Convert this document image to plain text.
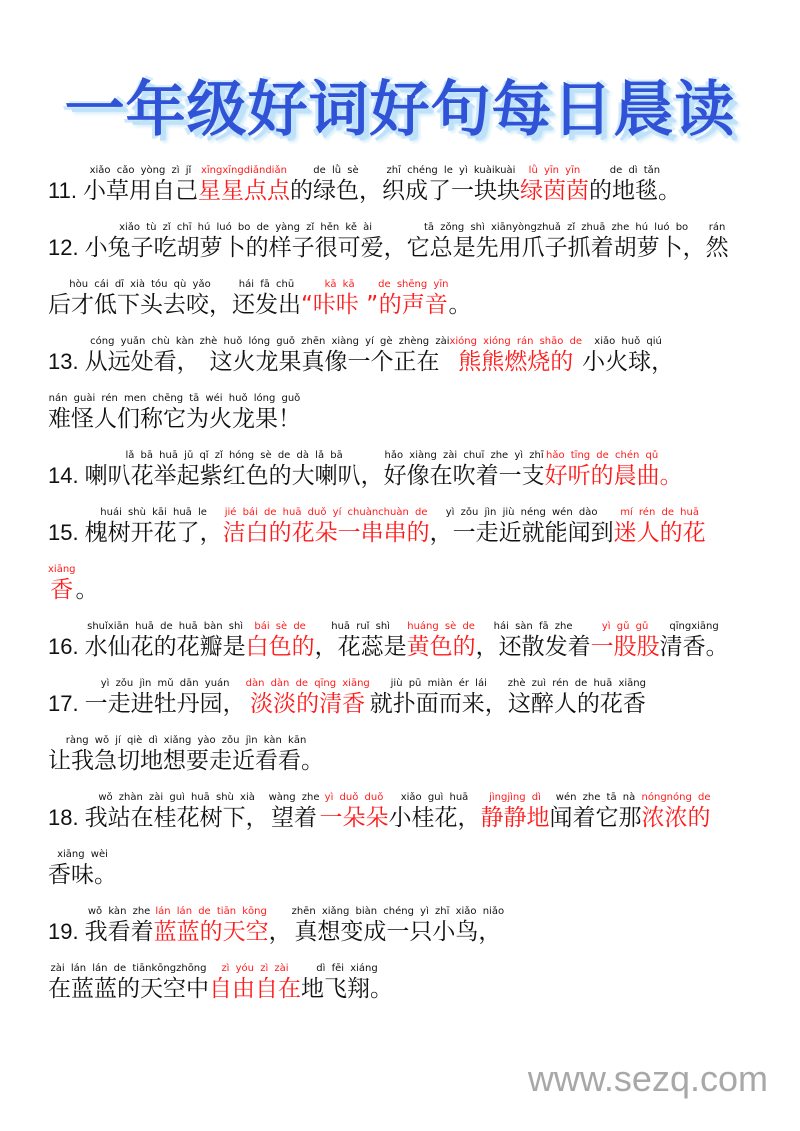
一年级好词好句每日晨读
11.
xiǎo cǎo yòng zì jǐ
小草用自己
xīngxīngdiǎndiǎn
星星点点
de lǜ sè
的绿色，
zhī chéng le yì kuàikuài
织成了一块块
lǜ yīn yīn
绿茵茵
de dì tǎn
的地毯。
12.
xiǎo tù zǐ chī hú luó bo de yàng zǐ hěn kě ài
小兔子吃胡萝卜的样子很可爱，
tā zǒng shì xiānyòngzhuǎ zǐ zhuā zhe hú luó bo
它总是先用爪子抓着胡萝卜，
rán
然
hòu cái dī xià tóu qù yǎo
后才低下头去咬，
hái fā chū
还发出
kā kā
“咔咔 ”
de shēng yīn
的声音 。
13.
cóng yuǎn chù kàn
从远处看，
zhè huǒ lóng guǒ zhēn xiàng yí gè zhèng zài
这火龙果真像一个正在
xióng xióng rán shāo de
熊熊燃烧的
xiǎo huǒ qiú
小火球，
nán guài rén men chēng tā wéi huǒ lóng guǒ
难怪人们称它为火龙果！
14.
lǎ bā huā jǔ qǐ zǐ hóng sè de dà lǎ bā
喇叭花举起紫红色的大喇叭，
hǎo xiàng zài chuī zhe yì zhī
好像在吹着一支
hǎo tīng de chén qǔ
好听的晨曲 。
15.
huái shù kāi huā le
槐树开花了，
jié bái de huā duǒ yí chuànchuàn de
洁白的花朵一串串的
yì zǒu jìn jiù néng wén dào
，一走近就能闻到
mí rén de huā
迷人的花
xiāng
香 。
16.
shuǐxiān huā de huā bàn shì
水仙花的花瓣是
bái sè de
白色的
huā ruǐ shì
，花蕊是
huáng sè de
黄色的
hái sàn fā zhe
，还散发着
yì gǔ gǔ
一股股
qīngxiāng
清香。
17.
yì zǒu jìn mǔ dān yuán
一走进牡丹园，
dàn dàn de qīng xiāng
淡淡的清香
jiù pū miàn ér lái
就扑面而来，
zhè zuì rén de huā xiāng
这醉人的花香
ràng wǒ jí qiè dì xiǎng yào zǒu jìn kàn kān
让我急切地想要走近看看。
18.
wǒ zhàn zài guì huā shù xià
我站在桂花树下，
wàng zhe
望着
yì duǒ duǒ
一朵朵
xiǎo guì huā
小桂花，
jìngjìng dì
静静地
wén zhe tā nà
闻着它那
nóngnóng de
浓浓的
xiāng wèi
香味。
19.
wǒ kàn zhe
我看着
lán lán de tiān kōng
蓝蓝的天空 ，
zhēn xiǎng biàn chéng yì zhī xiǎo niǎo
真想变成一只小鸟，
zài lán lán de tiānkōngzhōng
在蓝蓝的天空中
zì yóu zì zài
自由自在
dì fēi xiáng
地飞翔。
www.sezq.com
